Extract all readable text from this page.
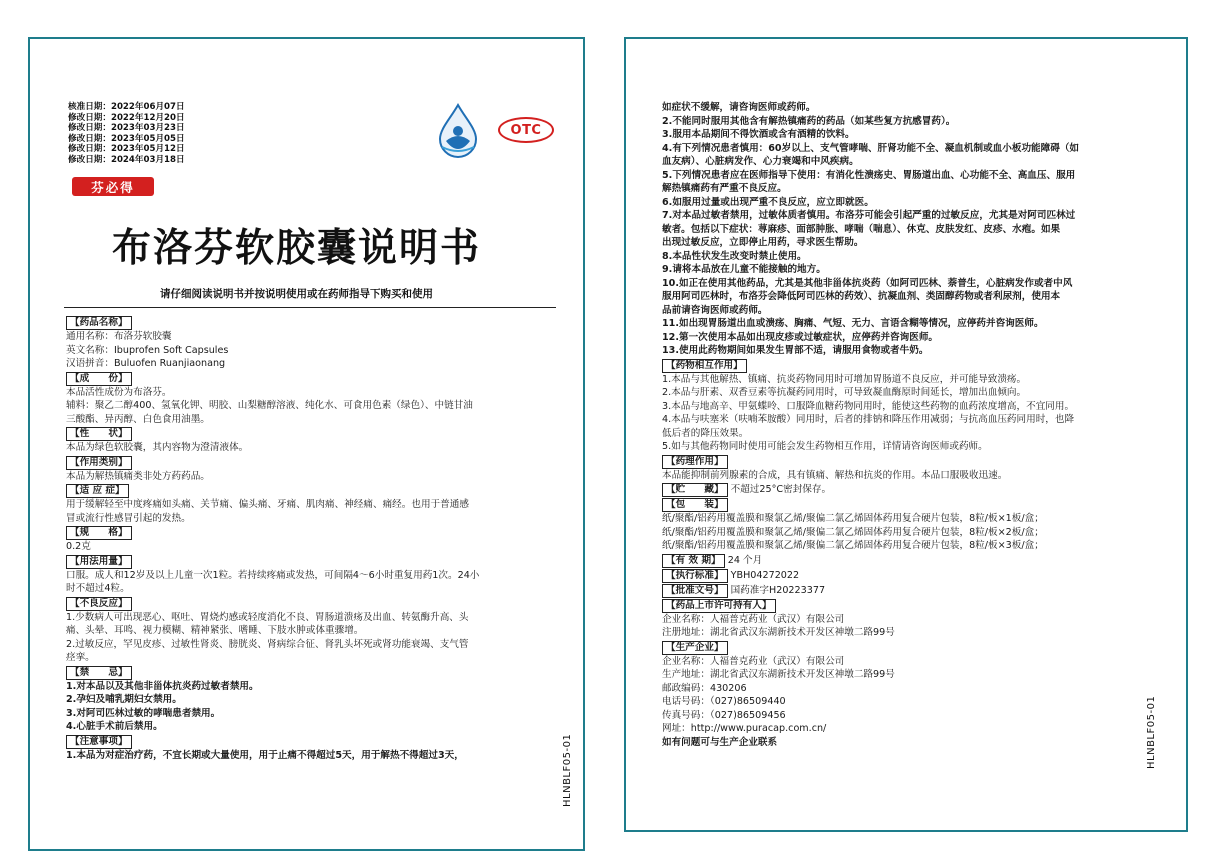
核准日期：2022年06月07日
修改日期：2022年12月20日
修改日期：2023年03月23日
修改日期：2023年05月05日
修改日期：2023年05月12日
修改日期：2024年03月18日
OTC
芬必得
布洛芬软胶囊说明书
请仔细阅读说明书并按说明使用或在药师指导下购买和使用
【药品名称】
通用名称：布洛芬软胶囊
英文名称：Ibuprofen Soft Capsules
汉语拼音：Buluofen Ruanjiaonang
【成　　份】
本品活性成份为布洛芬。
辅料：聚乙二醇400、氢氧化钾、明胶、山梨糖醇溶液、纯化水、可食用色素（绿色）、中链甘油
三酸酯、异丙醇、白色食用油墨。
【性　　状】
本品为绿色软胶囊，其内容物为澄清液体。
【作用类别】
本品为解热镇痛类非处方药药品。
【适 应 症】
用于缓解轻至中度疼痛如头痛、关节痛、偏头痛、牙痛、肌肉痛、神经痛、痛经。也用于普通感
冒或流行性感冒引起的发热。
【规　　格】
0.2克
【用法用量】
口服。成人和12岁及以上儿童一次1粒。若持续疼痛或发热，可间隔4～6小时重复用药1次。24小
时不超过4粒。
【不良反应】
1.少数病人可出现恶心、呕吐、胃烧灼感或轻度消化不良、胃肠道溃疡及出血、转氨酶升高、头
痛、头晕、耳鸣、视力模糊、精神紧张、嗜睡、下肢水肿或体重骤增。
2.过敏反应，罕见皮疹、过敏性肾炎、膀胱炎、肾病综合征、肾乳头坏死或肾功能衰竭、支气管
痉挛。
【禁　　忌】
1.对本品以及其他非甾体抗炎药过敏者禁用。
2.孕妇及哺乳期妇女禁用。
3.对阿司匹林过敏的哮喘患者禁用。
4.心脏手术前后禁用。
【注意事项】
1.本品为对症治疗药，不宜长期或大量使用，用于止痛不得超过5天，用于解热不得超过3天，	HLNBLF05-01
如症状不缓解，请咨询医师或药师。
2.不能同时服用其他含有解热镇痛药的药品（如某些复方抗感冒药）。
3.服用本品期间不得饮酒或含有酒精的饮料。
4.有下列情况患者慎用：60岁以上、支气管哮喘、肝肾功能不全、凝血机制或血小板功能障碍（如
血友病）、心脏病发作、心力衰竭和中风疾病。
5.下列情况患者应在医师指导下使用：有消化性溃疡史、胃肠道出血、心功能不全、高血压、服用
解热镇痛药有严重不良反应。
6.如服用过量或出现严重不良反应，应立即就医。
7.对本品过敏者禁用，过敏体质者慎用。布洛芬可能会引起严重的过敏反应，尤其是对阿司匹林过
敏者。包括以下症状：荨麻疹、面部肿胀、哮喘（喘息）、休克、皮肤发红、皮疹、水疱。如果
出现过敏反应，立即停止用药，寻求医生帮助。
8.本品性状发生改变时禁止使用。
9.请将本品放在儿童不能接触的地方。
10.如正在使用其他药品，尤其是其他非甾体抗炎药（如阿司匹林、萘普生，心脏病发作或者中风
服用阿司匹林时，布洛芬会降低阿司匹林的药效）、抗凝血剂、类固醇药物或者利尿剂，使用本
品前请咨询医师或药师。
11.如出现胃肠道出血或溃疡、胸痛、气短、无力、言语含糊等情况，应停药并咨询医师。
12.第一次使用本品如出现皮疹或过敏症状，应停药并咨询医师。
13.使用此药物期间如果发生胃部不适，请服用食物或者牛奶。
【药物相互作用】
1.本品与其他解热、镇痛、抗炎药物同用时可增加胃肠道不良反应，并可能导致溃疡。
2.本品与肝素、双香豆素等抗凝药同用时，可导致凝血酶原时间延长，增加出血倾向。
3.本品与地高辛、甲氨蝶呤、口服降血糖药物同用时，能使这些药物的血药浓度增高，不宜同用。
4.本品与呋塞米（呋喃苯胺酸）同用时，后者的排钠和降压作用减弱；与抗高血压药同用时，也降
低后者的降压效果。
5.如与其他药物同时使用可能会发生药物相互作用，详情请咨询医师或药师。
【药理作用】
本品能抑制前列腺素的合成，具有镇痛、解热和抗炎的作用。本品口服吸收迅速。
【贮　　藏】 不超过25°C密封保存。
【包　　装】
纸/聚酯/铝药用覆盖膜和聚氯乙烯/聚偏二氯乙烯固体药用复合硬片包装，8粒/板×1板/盒；
纸/聚酯/铝药用覆盖膜和聚氯乙烯/聚偏二氯乙烯固体药用复合硬片包装，8粒/板×2板/盒；
纸/聚酯/铝药用覆盖膜和聚氯乙烯/聚偏二氯乙烯固体药用复合硬片包装，8粒/板×3板/盒；
【有 效 期】 24 个月
【执行标准】 YBH04272022
【批准文号】 国药准字H20223377
【药品上市许可持有人】
企业名称：人福普克药业（武汉）有限公司
注册地址：湖北省武汉东湖新技术开发区神墩二路99号
【生产企业】
企业名称：人福普克药业（武汉）有限公司
生产地址：湖北省武汉东湖新技术开发区神墩二路99号
邮政编码：430206
电话号码：（027)86509440
传真号码：（027)86509456
网址：http://www.puracap.com.cn/
如有问题可与生产企业联系	HLNBLF05-01
